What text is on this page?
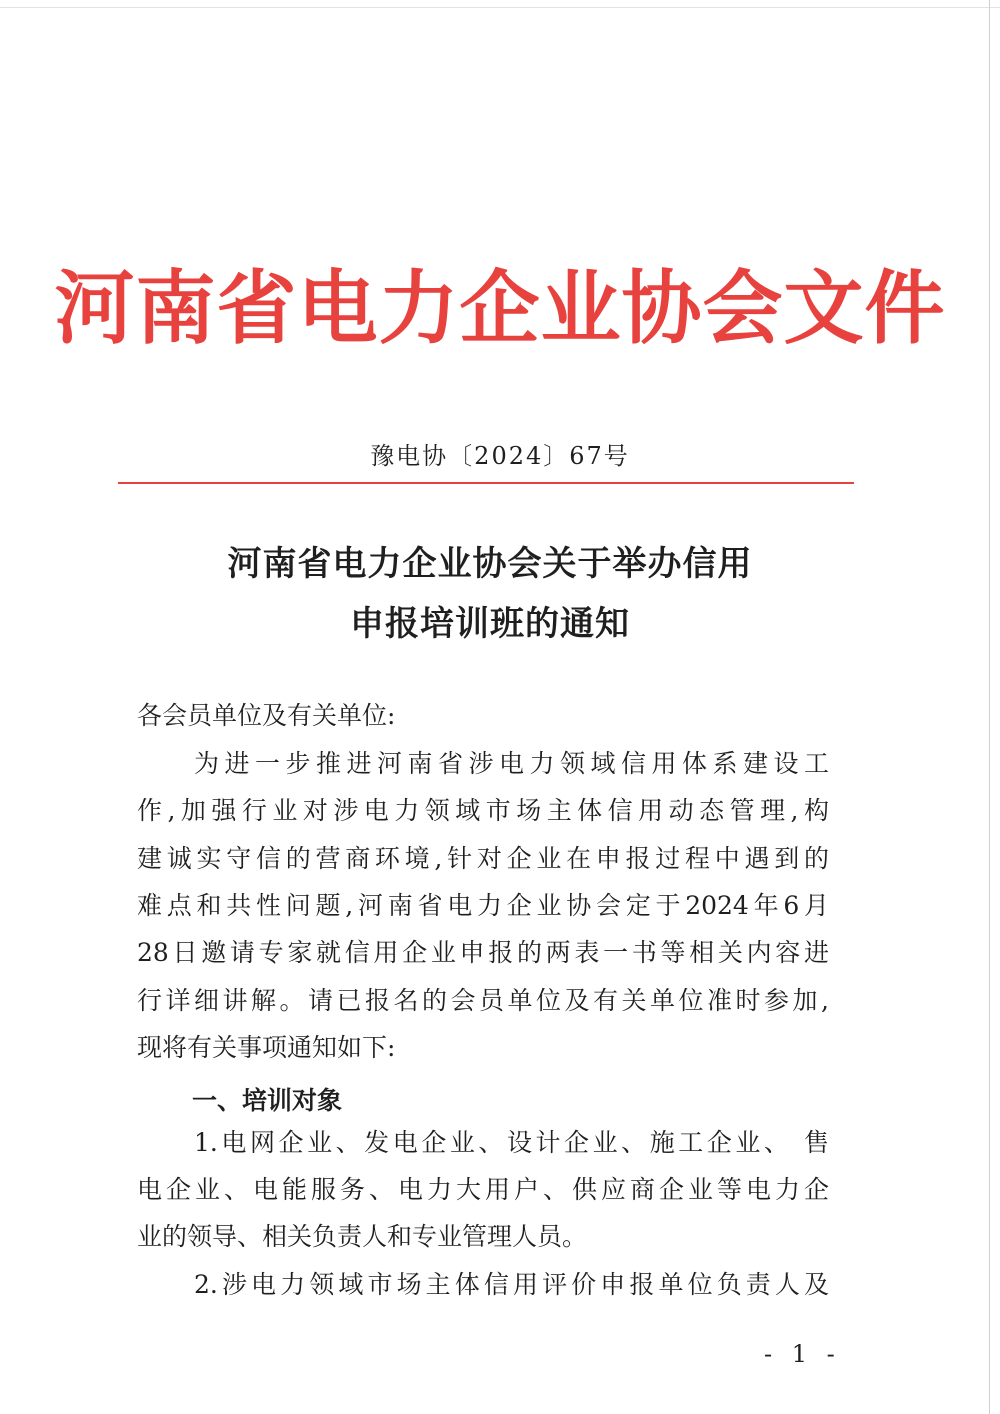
河南省电力企业协会文件
豫电协〔2024〕67号
河南省电力企业协会关于举办信用
申报培训班的通知
各会员单位及有关单位:
为进一步推进河南省涉电力领域信用体系建设工
作,加强行业对涉电力领域市场主体信用动态管理,构
建诚实守信的营商环境,针对企业在申报过程中遇到的
难点和共性问题,河南省电力企业协会定于2024年6月
28日邀请专家就信用企业申报的两表一书等相关内容进
行详细讲解。请已报名的会员单位及有关单位准时参加,
现将有关事项通知如下:
一、培训对象
1.电网企业、发电企业、设计企业、施工企业、 售
电企业、电能服务、电力大用户、供应商企业等电力企
业的领导、相关负责人和专业管理人员。
2.涉电力领域市场主体信用评价申报单位负责人及
- 1 -
